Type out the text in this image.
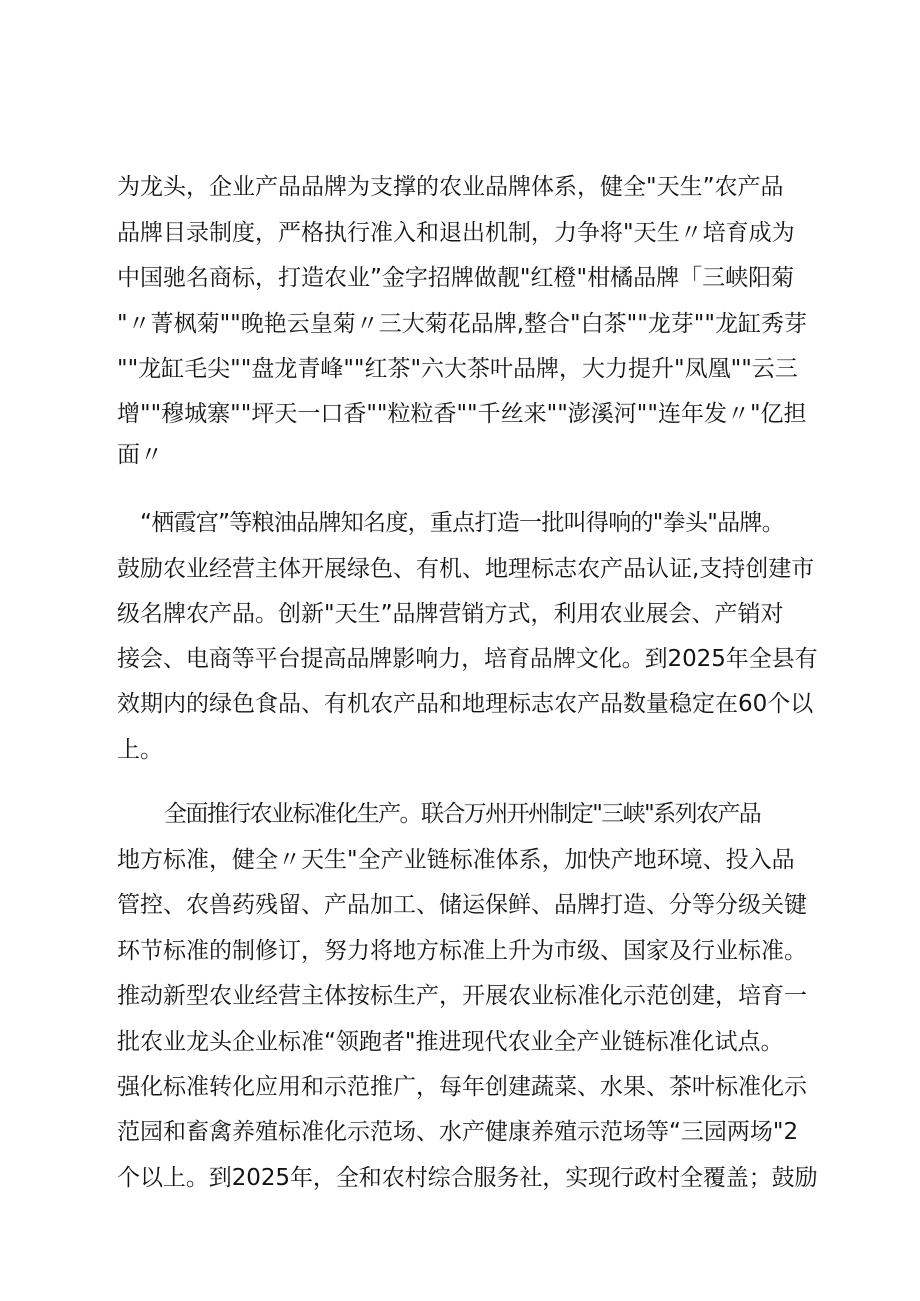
为龙头，企业产品品牌为支撑的农业品牌体系，健全"天生”农产品
品牌目录制度，严格执行准入和退出机制，力争将"天生〃培育成为
中国驰名商标，打造农业”金字招牌做靓"红橙"柑橘品牌「三峡阳菊
"〃菁枫菊""晚艳云皇菊〃三大菊花品牌,整合"白茶""龙芽""龙缸秀芽
""龙缸毛尖""盘龙青峰""红茶"六大茶叶品牌，大力提升"凤凰""云三
增""穆城寨""坪天一口香""粒粒香""千丝来""澎溪河""连年发〃"亿担
面〃
“栖霞宫”等粮油品牌知名度，重点打造一批叫得响的"拳头"品牌。
鼓励农业经营主体开展绿色、有机、地理标志农产品认证,支持创建市
级名牌农产品。创新"天生”品牌营销方式，利用农业展会、产销对
接会、电商等平台提高品牌影响力，培育品牌文化。到2025年全县有
效期内的绿色食品、有机农产品和地理标志农产品数量稳定在60个以
上。
全面推行农业标准化生产。联合万州开州制定"三峡"系列农产品
地方标准，健全〃天生"全产业链标准体系，加快产地环境、投入品
管控、农兽药残留、产品加工、储运保鲜、品牌打造、分等分级关键
环节标准的制修订，努力将地方标准上升为市级、国家及行业标准。
推动新型农业经营主体按标生产，开展农业标准化示范创建，培育一
批农业龙头企业标准“领跑者"推进现代农业全产业链标准化试点。
强化标准转化应用和示范推广，每年创建蔬菜、水果、茶叶标准化示
范园和畜禽养殖标准化示范场、水产健康养殖示范场等“三园两场"2
个以上。到2025年，全和农村综合服务社，实现行政村全覆盖；鼓励
